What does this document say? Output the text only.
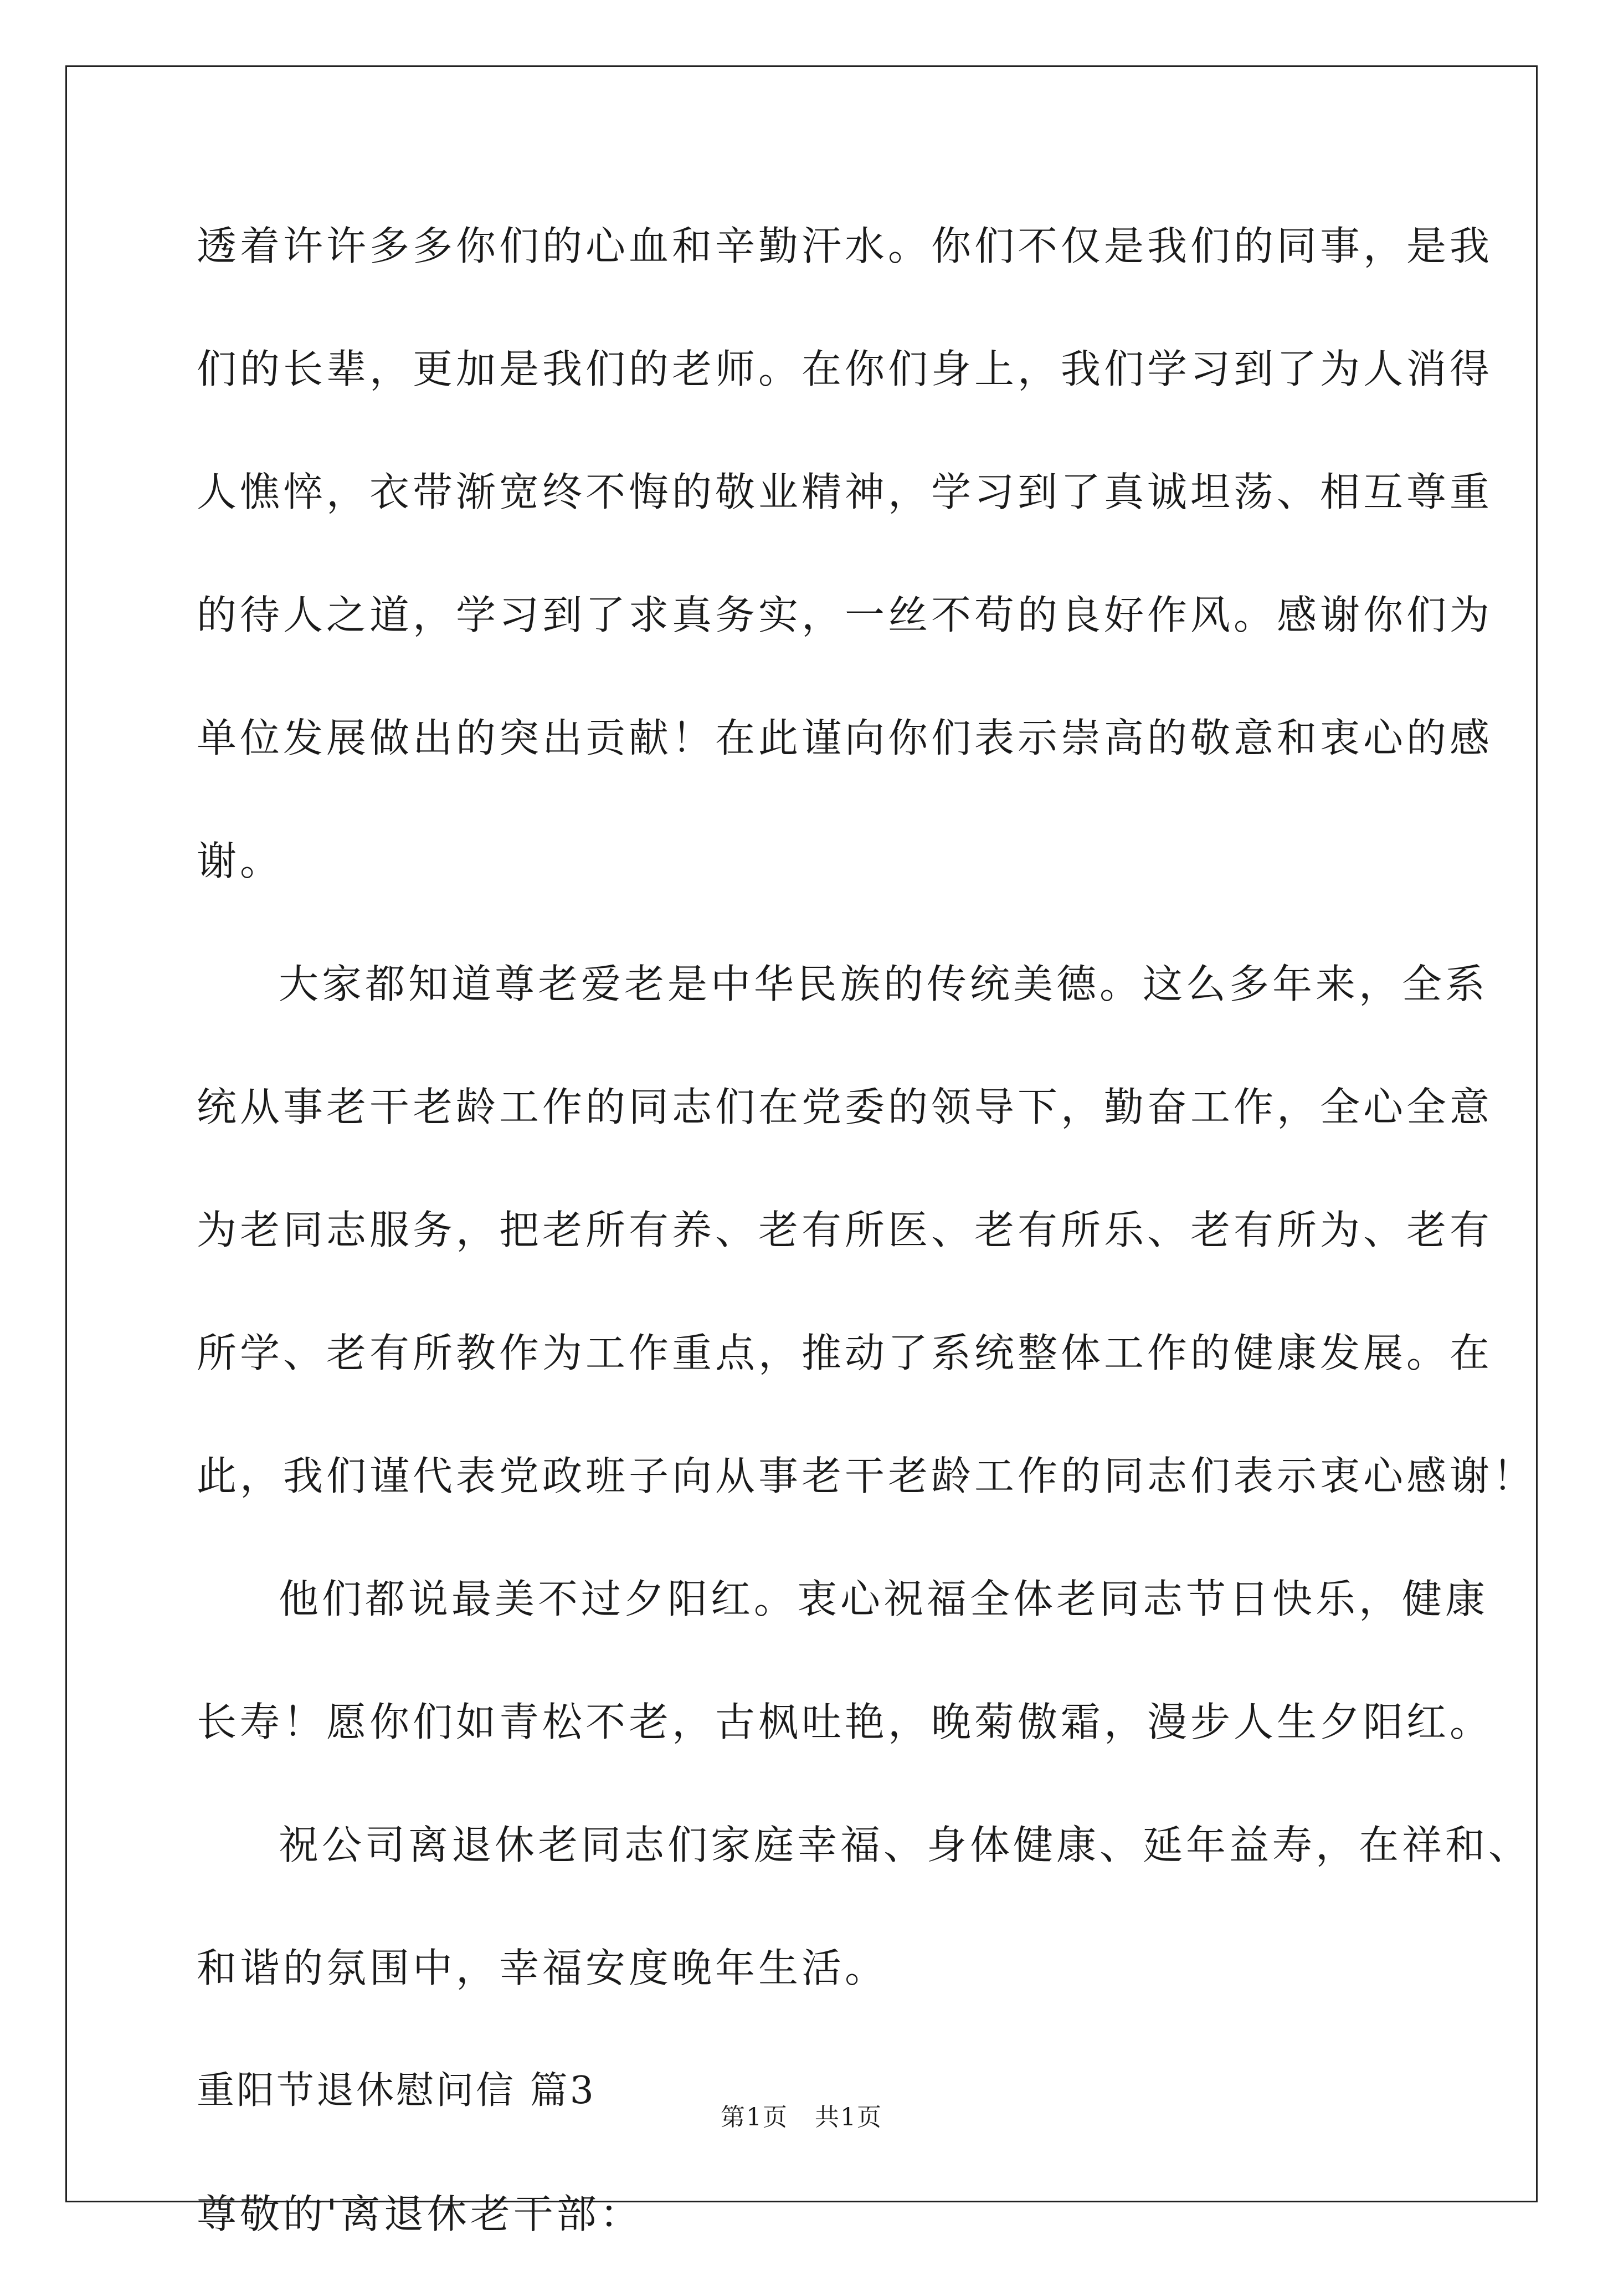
透着许许多多你们的心血和辛勤汗水。你们不仅是我们的同事，是我
们的长辈，更加是我们的老师。在你们身上，我们学习到了为人消得
人憔悴，衣带渐宽终不悔的敬业精神，学习到了真诚坦荡、相互尊重
的待人之道，学习到了求真务实，一丝不苟的良好作风。感谢你们为
单位发展做出的突出贡献！在此谨向你们表示崇高的敬意和衷心的感
谢。
大家都知道尊老爱老是中华民族的传统美德。这么多年来，全系
统从事老干老龄工作的同志们在党委的领导下，勤奋工作，全心全意
为老同志服务，把老所有养、老有所医、老有所乐、老有所为、老有
所学、老有所教作为工作重点，推动了系统整体工作的健康发展。在
此，我们谨代表党政班子向从事老干老龄工作的同志们表示衷心感谢！
他们都说最美不过夕阳红。衷心祝福全体老同志节日快乐，健康
长寿！愿你们如青松不老，古枫吐艳，晚菊傲霜，漫步人生夕阳红。
祝公司离退休老同志们家庭幸福、身体健康、延年益寿，在祥和、
和谐的氛围中，幸福安度晚年生活。
重阳节退休慰问信 篇3
尊敬的'离退休老干部：
第1页 共1页
